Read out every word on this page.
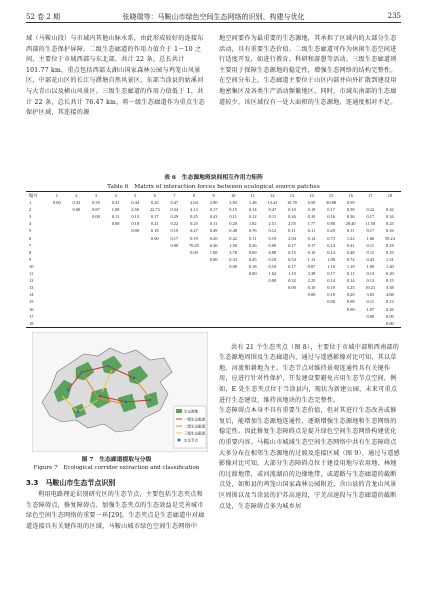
52 卷 2 期	张晓瑞等：马鞍山市绿色空间生态网络的识别、构建与优化	235

域（马鞍山段）与市域内其他山脉水系，由此形成较好的连接东西部的生态保护屏障。二级生态廊道的作用力值介于 1～10 之间，主要位于市域西部与东北部，共计 22 条，总长共计 101.77 km，重点包括西部太湖山国家森林公园与鸡笼山风景区，中部花山区的长江与濮塘自然风景区，东部当涂县的姑溪河与大青山以及横山风景区。三级生态廊道的作用力值低于 1，共计 22 条，总长共计 76.47 km，将一级生态廊道作为重点生态保护区域，其连接的源

地空间要作为最重要的生态源地，其承担了区域内的大部分生态活动，具有重要生态价值。二级生态廊道可作为休闲生态空间进行适度开发，如进行教育、科研和游憩等活动。三级生态廊道则主要用于保障生态源地的稳定性，增强生态网络的结构完整性。在空间分布上，生态廊道主要位于山区内部并向外扩散到建设用地密集区及各类生产活动频繁地区，同时，市域东南部的生态廊道较少，该区域仅有一处大面积的生态源地，连通度相对不足。

表 6　生态源地斑块间相互作用力矩阵
Table 6　Matrix of interaction forces between ecological source patches
编号	1	2	3	4	5	6	7	8	9	10	11	12	13	14	15	16	17	18
1	0.00	0.33	0.35	0.41	0.44	0.20	0.47	2.64	2.90	2.83	1.48	13.41	10.78	0.50	30.88	0.59		
2		0.00	0.87	1.08	2.50	22.73	0.54	4.13	0.17	0.15	0.14	0.47	0.10	0.19	0.17	0.58	0.22	0.42
3			0.00	0.11	0.13	0.17	0.29	0.25	0.43	0.11	0.12	0.11	0.26	0.10	0.16	0.36	0.17	0.34
4				0.00	0.18	0.21	0.22	0.25	0.11	0.20	1.82	2.51	2.55	1.77	0.80	28.40	11.50	0.25
5					0.00	0.18	0.19	0.27	0.49	0.40	0.76	0.12	0.11	0.11	0.29	0.11	0.17	0.16
6						0.00	0.17	0.19	0.20	0.22	0.11	0.19	2.94	0.14	6.73	1.22	1.66	59.24
7							0.00	70.25	6.36	1.50	0.26	0.69	0.17	0.17	0.14	0.41	0.11	0.18
8								0.00	1.08	3.78	0.69	6.88	0.15	0.16	0.14	0.48	0.11	0.19
9									0.00	0.33	0.45	0.18	0.54	1.13	1.08	0.72	0.43	1.31
10										0.00	0.18	0.10	0.17	0.87	1.10	1.19	1.09	1.40
11											0.00	1.62	1.19	3.38	0.17	0.11	0.13	0.20
12												0.00	0.32	2.25	0.14	0.14	0.12	0.15
13													0.00	0.10	0.10	5.25	10.21	3.58
14														0.00	0.18	0.20	3.03	4.68
15															0.00	0.08	0.11	0.13
16																0.00	1.07	0.26
17																	0.00	0.09
18																		0.00
生态源地
一级生态廊道
二级生态廊道
三级生态廊道
生态节点
图 7　生态廊道提取与分级
Figure 7　Ecological corridor extraction and classification
3.3　马鞍山市生态节点识别

利用电路理论识别研究区的生态节点，主要包括生态夹点和生态障碍点，修复障碍点、加强生态夹点的生态效益是完善城市绿色空间生态网络的重要一环[29]。生态夹点是生态廊道中对廊道连接具有关键作用的区域，马鞍山城市绿色空间生态网络中

共有 21 个生态夹点（图 8），主要位于市域中部和西南部的生态源地周围及生态廊道内，通过与遥感影像对比可知，其以草地、河流和耕地为主，生态节点对维持景观连通性具有关键作用，应进行针对性保护，开发建设要避免占用生态节点空间，例如，E 处生态夹点位于当涂县内，现状为新建公园，未来可重点进行生态建设，维持该地块的生态完整性。
生态障碍点本身不具有重要生态价值，但对其进行生态改善或修复后，能增加生态源地连通性，逐渐增强生态源地和生态网络的稳定性。因此修复生态障碍点是提升绿色空间生态网络构建优化的重要内容。马鞍山市城域生态空间生态网络中共有生态障碍点大多分布在相邻生态源地的过渡及连接区域（图 9），通过与遥感影像对比可知，大部分生态障碍点位于建设用地与农用地、林地的过渡地带，或河流湖泊的边缘地带，或道路与生态廊道的截断点处，如和县的鸡笼山国家森林公园附近、含山县的青龙山风景区周围以及当涂县的沪苏高速段，宁芜高速段与生态廊道的截断点处，生态障碍点多为城乡居
